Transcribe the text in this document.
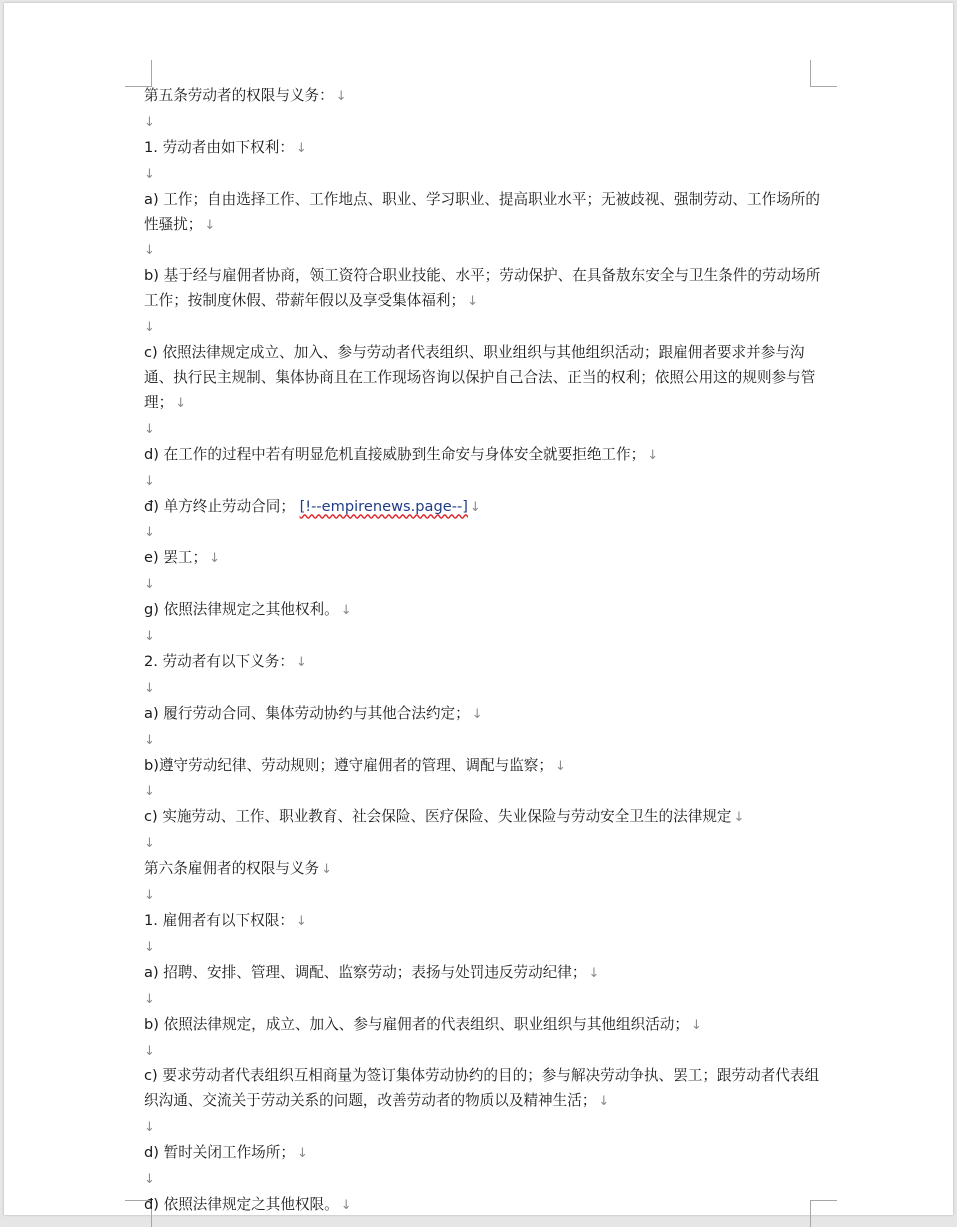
第五条劳动者的权限与义务： ↓

↓

1. 劳动者由如下权利： ↓

↓

a) 工作；自由选择工作、工作地点、职业、学习职业、提高职业水平；无被歧视、强制劳动、工作场所的性骚扰； ↓

↓

b) 基于经与雇佣者协商，领工资符合职业技能、水平；劳动保护、在具备敖东安全与卫生条件的劳动场所工作；按制度休假、带薪年假以及享受集体福利； ↓

↓

c) 依照法律规定成立、加入、参与劳动者代表组织、职业组织与其他组织活动；跟雇佣者要求并参与沟通、执行民主规制、集体协商且在工作现场咨询以保护自己合法、正当的权利；依照公用这的规则参与管理； ↓

↓

d) 在工作的过程中若有明显危机直接威胁到生命安与身体安全就要拒绝工作； ↓

↓

đ) 单方终止劳动合同； [!--empirenews.page--] ↓

↓

e) 罢工； ↓

↓

g) 依照法律规定之其他权利。 ↓

↓

2. 劳动者有以下义务： ↓

↓

a) 履行劳动合同、集体劳动协约与其他合法约定； ↓

↓

b)遵守劳动纪律、劳动规则；遵守雇佣者的管理、调配与监察； ↓

↓

c) 实施劳动、工作、职业教育、社会保险、医疗保险、失业保险与劳动安全卫生的法律规定 ↓

↓

第六条雇佣者的权限与义务 ↓

↓

1. 雇佣者有以下权限： ↓

↓

a) 招聘、安排、管理、调配、监察劳动；表扬与处罚违反劳动纪律； ↓

↓

b) 依照法律规定，成立、加入、参与雇佣者的代表组织、职业组织与其他组织活动； ↓

↓

c) 要求劳动者代表组织互相商量为签订集体劳动协约的目的；参与解决劳动争执、罢工；跟劳动者代表组织沟通、交流关于劳动关系的问题，改善劳动者的物质以及精神生活； ↓

↓

d) 暂时关闭工作场所； ↓

↓

đ) 依照法律规定之其他权限。 ↓
